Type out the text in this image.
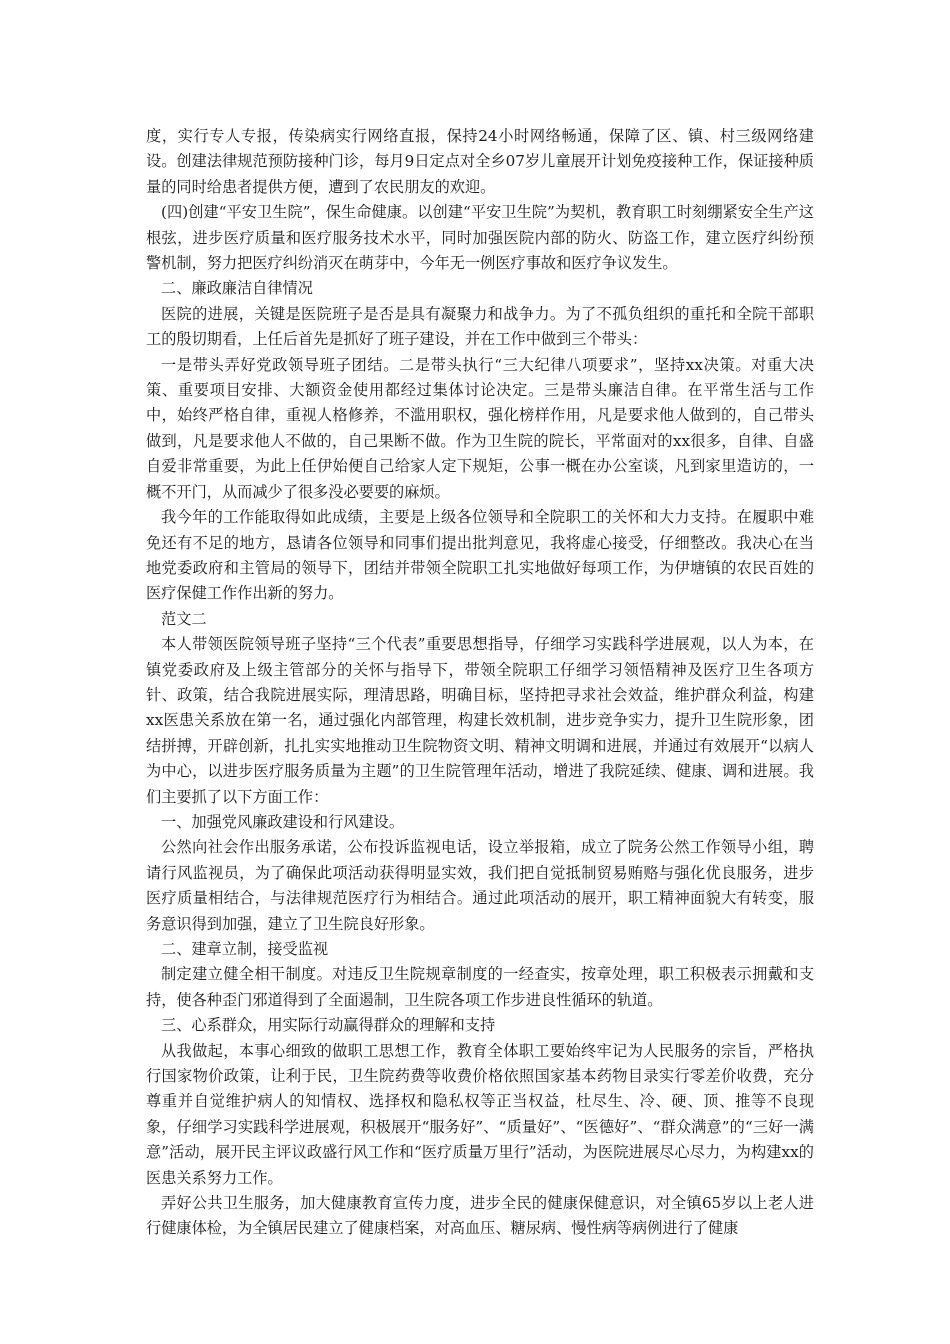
度，实行专人专报，传染病实行网络直报，保持24小时网络畅通，保障了区、镇、村三级网络建设。创建法律规范预防接种门诊，每月9日定点对全乡07岁儿童展开计划免疫接种工作，保证接种质量的同时给患者提供方便，遭到了农民朋友的欢迎。

(四)创建“平安卫生院”，保生命健康。以创建“平安卫生院”为契机，教育职工时刻绷紧安全生产这根弦，进步医疗质量和医疗服务技术水平，同时加强医院内部的防火、防盗工作，建立医疗纠纷预警机制，努力把医疗纠纷消灭在萌芽中，今年无一例医疗事故和医疗争议发生。

二、廉政廉洁自律情况

医院的进展，关键是医院班子是否是具有凝聚力和战争力。为了不孤负组织的重托和全院干部职工的殷切期看，上任后首先是抓好了班子建设，并在工作中做到三个带头：

一是带头弄好党政领导班子团结。二是带头执行“三大纪律八项要求”，坚持xx决策。对重大决策、重要项目安排、大额资金使用都经过集体讨论决定。三是带头廉洁自律。在平常生活与工作中，始终严格自律，重视人格修养，不滥用职权，强化榜样作用，凡是要求他人做到的，自己带头做到，凡是要求他人不做的，自己果断不做。作为卫生院的院长，平常面对的xx很多，自律、自盛自爱非常重要，为此上任伊始便自己给家人定下规矩，公事一概在办公室谈，凡到家里造访的，一概不开门，从而减少了很多没必要要的麻烦。

我今年的工作能取得如此成绩，主要是上级各位领导和全院职工的关怀和大力支持。在履职中难免还有不足的地方，恳请各位领导和同事们提出批判意见，我将虚心接受，仔细整改。我决心在当地党委政府和主管局的领导下，团结并带领全院职工扎实地做好每项工作，为伊塘镇的农民百姓的医疗保健工作作出新的努力。

范文二

本人带领医院领导班子坚持“三个代表”重要思想指导，仔细学习实践科学进展观，以人为本，在镇党委政府及上级主管部分的关怀与指导下，带领全院职工仔细学习领悟精神及医疗卫生各项方针、政策，结合我院进展实际，理清思路，明确目标，坚持把寻求社会效益，维护群众利益，构建xx医患关系放在第一名，通过强化内部管理，构建长效机制，进步竞争实力，提升卫生院形象，团结拼搏，开辟创新，扎扎实实地推动卫生院物资文明、精神文明调和进展，并通过有效展开“以病人为中心，以进步医疗服务质量为主题”的卫生院管理年活动，增进了我院延续、健康、调和进展。我们主要抓了以下方面工作：

一、加强党风廉政建设和行风建设。

公然向社会作出服务承诺，公布投诉监视电话，设立举报箱，成立了院务公然工作领导小组，聘请行风监视员，为了确保此项活动获得明显实效，我们把自觉抵制贸易贿赂与强化优良服务，进步医疗质量相结合，与法律规范医疗行为相结合。通过此项活动的展开，职工精神面貌大有转变，服务意识得到加强，建立了卫生院良好形象。

二、建章立制，接受监视

制定建立健全相干制度。对违反卫生院规章制度的一经查实，按章处理，职工积极表示拥戴和支持，使各种歪门邪道得到了全面遏制，卫生院各项工作步进良性循环的轨道。

三、心系群众，用实际行动赢得群众的理解和支持

从我做起，本事心细致的做职工思想工作，教育全体职工要始终牢记为人民服务的宗旨，严格执行国家物价政策，让利于民，卫生院药费等收费价格依照国家基本药物目录实行零差价收费，充分尊重并自觉维护病人的知情权、选择权和隐私权等正当权益，杜尽生、冷、硬、顶、推等不良现象，仔细学习实践科学进展观，积极展开“服务好”、“质量好”、“医德好”、“群众满意”的“三好一满意”活动，展开民主评议政盛行风工作和“医疗质量万里行”活动，为医院进展尽心尽力，为构建xx的医患关系努力工作。

弄好公共卫生服务，加大健康教育宣传力度，进步全民的健康保健意识，对全镇65岁以上老人进行健康体检，为全镇居民建立了健康档案，对高血压、糖尿病、慢性病等病例进行了健康
